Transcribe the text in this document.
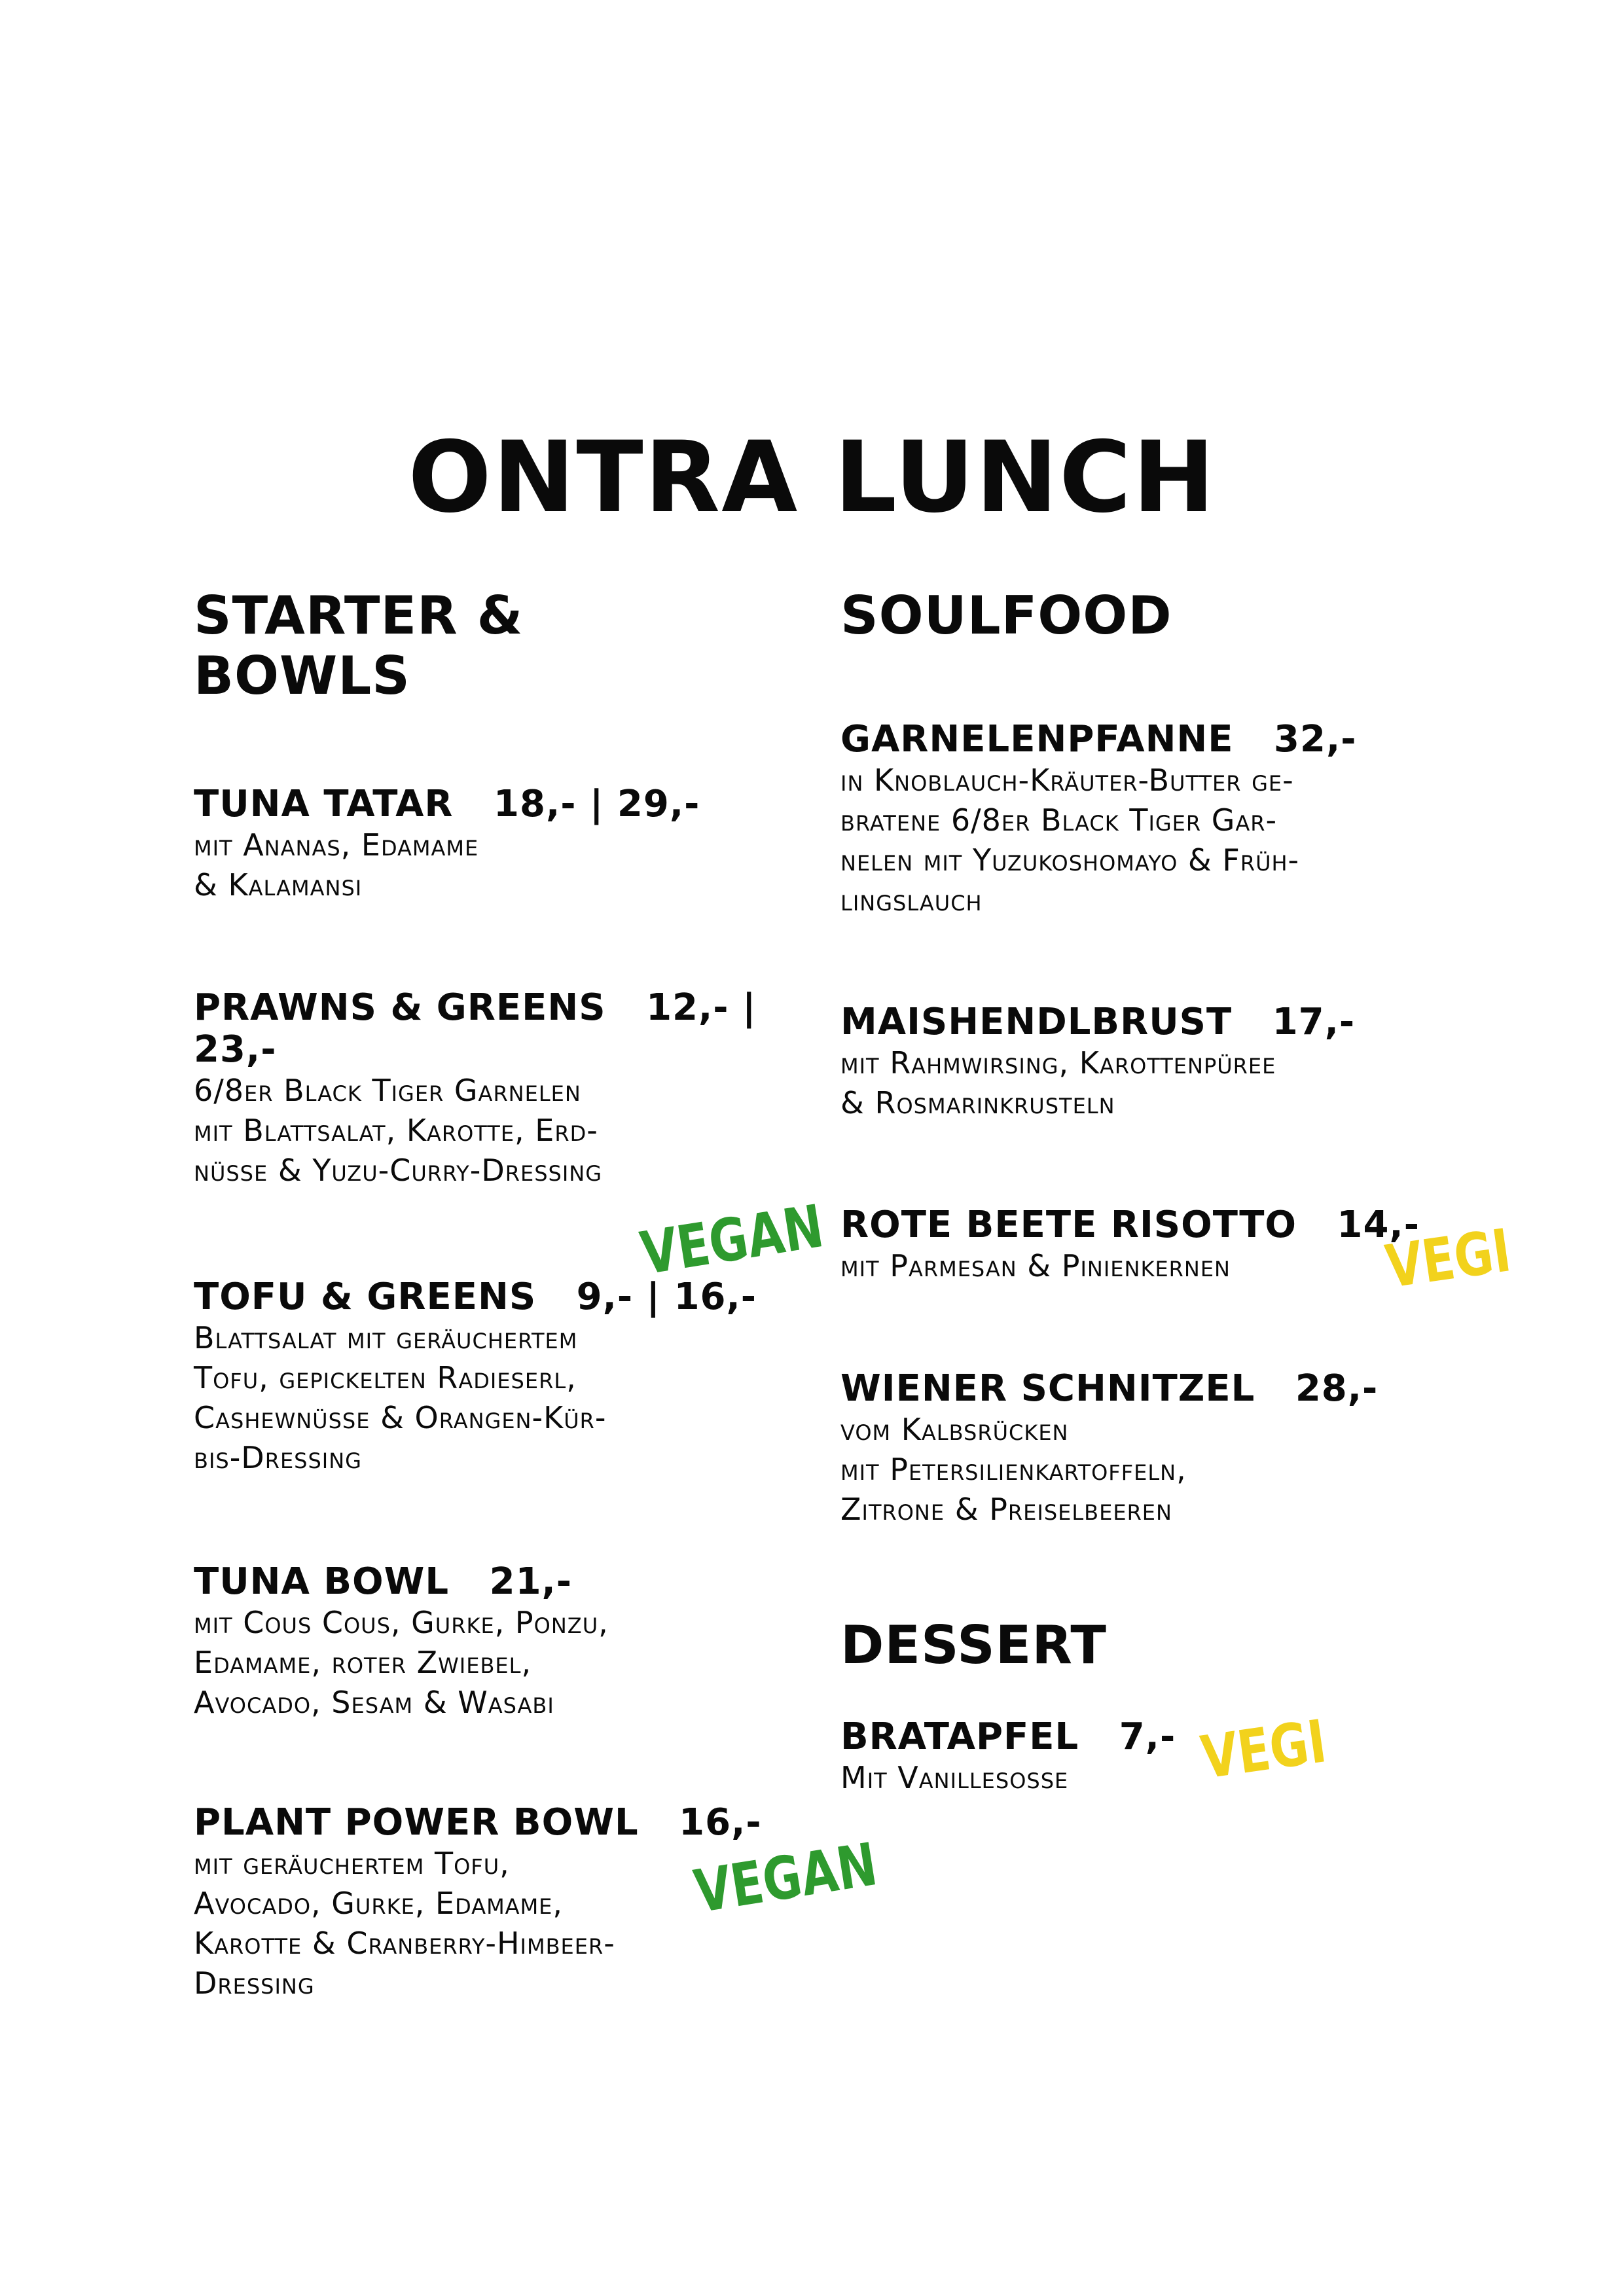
ONTRA LUNCH
STARTER &
BOWLS
TUNA TATAR   18,- | 29,-
mit Ananas, Edamame
& Kalamansi
PRAWNS & GREENS   12,- |
23,-
6/8er Black Tiger Garnelen
mit Blattsalat, Karotte, Erd-
nüsse & Yuzu-Curry-Dressing
TOFU & GREENS   9,- | 16,-
Blattsalat mit geräuchertem
Tofu, gepickelten Radieserl,
Cashewnüsse & Orangen-Kür-
bis-Dressing
VEGAN
TUNA BOWL   21,-
mit Cous Cous, Gurke, Ponzu,
Edamame, roter Zwiebel,
Avocado, Sesam & Wasabi
PLANT POWER BOWL   16,-
mit geräuchertem Tofu,
Avocado, Gurke, Edamame,
Karotte & Cranberry-Himbeer-
Dressing
VEGAN
SOULFOOD
GARNELENPFANNE   32,-
in Knoblauch-Kräuter-Butter ge-
bratene 6/8er Black Tiger Gar-
nelen mit Yuzukoshomayo & Früh-
lingslauch
MAISHENDLBRUST   17,-
mit Rahmwirsing, Karottenpüree
& Rosmarinkrusteln
ROTE BEETE RISOTTO   14,-
mit Parmesan & Pinienkernen	VEGI
WIENER SCHNITZEL   28,-
vom Kalbsrücken
mit Petersilienkartoffeln,
Zitrone & Preiselbeeren
DESSERT
BRATAPFEL   7,-
Mit Vanillesosse	VEGI
